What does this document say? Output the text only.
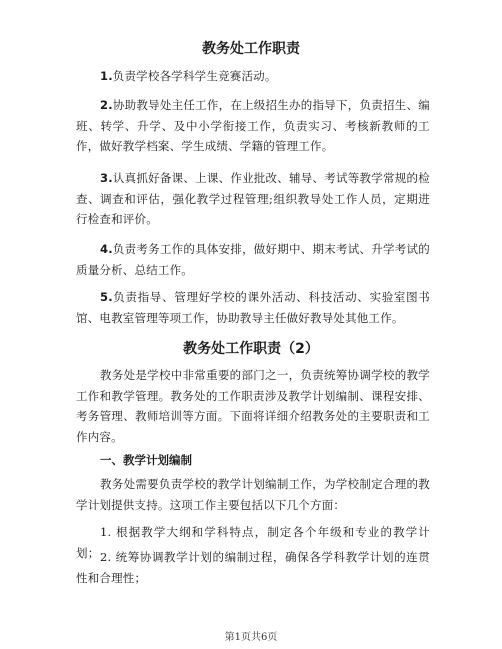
教务处工作职责
1.负责学校各学科学生竞赛活动。
2.协助教导处主任工作，在上级招生办的指导下，负责招生、编班、转学、升学、及中小学衔接工作，负责实习、考核新教师的工作，做好教学档案、学生成绩、学籍的管理工作。
3.认真抓好备课、上课、作业批改、辅导、考试等教学常规的检查、调查和评估，强化教学过程管理;组织教导处工作人员，定期进行检查和评价。
4.负责考务工作的具体安排，做好期中、期末考试、升学考试的质量分析、总结工作。
5.负责指导、管理好学校的课外活动、科技活动、实验室图书馆、电教室管理等项工作，协助教导主任做好教导处其他工作。
教务处工作职责（2）
教务处是学校中非常重要的部门之一，负责统筹协调学校的教学工作和教学管理。教务处的工作职责涉及教学计划编制、课程安排、考务管理、教师培训等方面。下面将详细介绍教务处的主要职责和工作内容。
一、教学计划编制
教务处需要负责学校的教学计划编制工作，为学校制定合理的教学计划提供支持。这项工作主要包括以下几个方面：
1. 根据教学大纲和学科特点，制定各个年级和专业的教学计划； 2. 统筹协调教学计划的编制过程，确保各学科教学计划的连贯性和合理性；
第1页共6页
